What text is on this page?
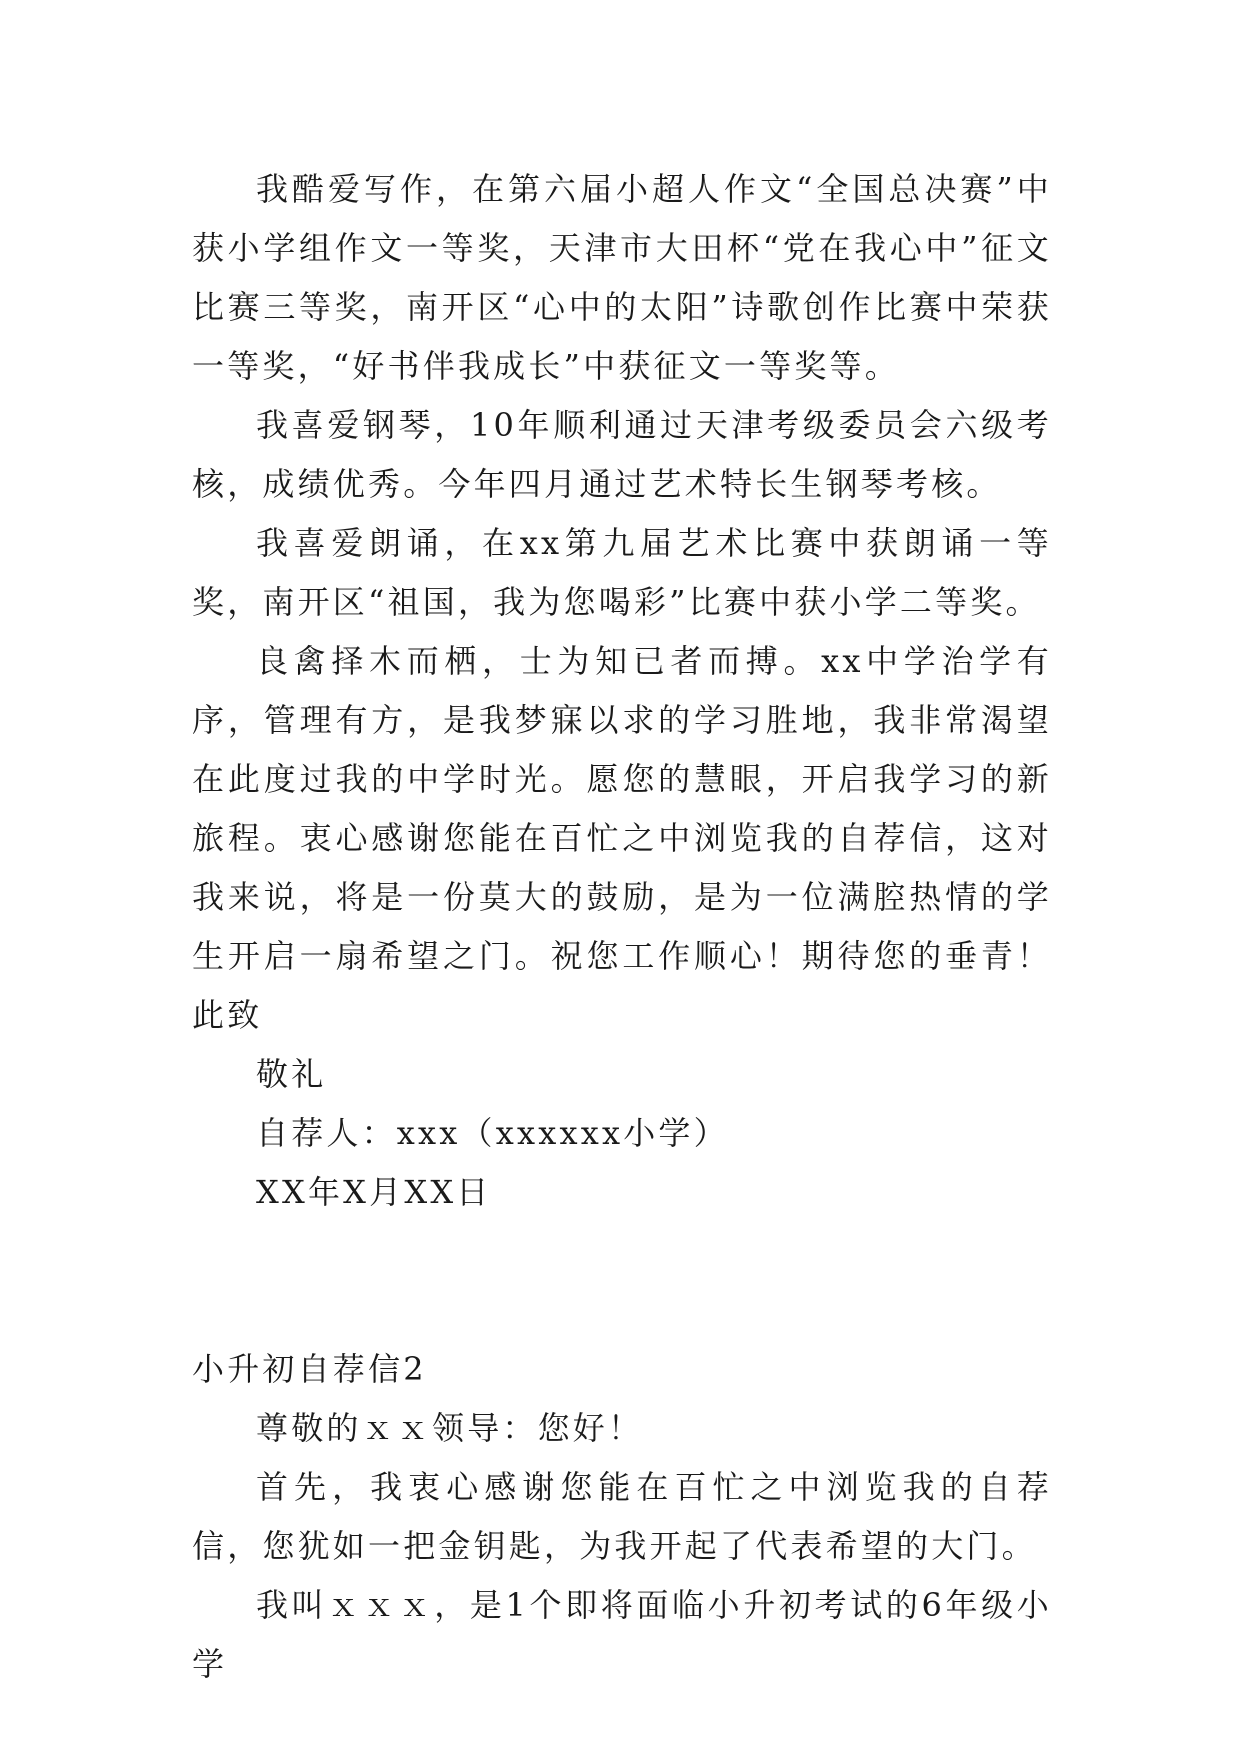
我酷爱写作，在第六届小超人作文“全国总决赛”中获小学组作文一等奖，天津市大田杯“党在我心中”征文比赛三等奖，南开区“心中的太阳”诗歌创作比赛中荣获一等奖，“好书伴我成长”中获征文一等奖等。

我喜爱钢琴，10年顺利通过天津考级委员会六级考核，成绩优秀。今年四月通过艺术特长生钢琴考核。

我喜爱朗诵，在xx第九届艺术比赛中获朗诵一等奖，南开区“祖国，我为您喝彩”比赛中获小学二等奖。

良禽择木而栖，士为知已者而搏。xx中学治学有序，管理有方，是我梦寐以求的学习胜地，我非常渴望在此度过我的中学时光。愿您的慧眼，开启我学习的新旅程。衷心感谢您能在百忙之中浏览我的自荐信，这对我来说，将是一份莫大的鼓励，是为一位满腔热情的学生开启一扇希望之门。祝您工作顺心！期待您的垂青！此致

敬礼

自荐人：xxx（xxxxxx小学）

XX年X月XX日

小升初自荐信2

尊敬的ｘｘ领导：您好！

首先，我衷心感谢您能在百忙之中浏览我的自荐信，您犹如一把金钥匙，为我开起了代表希望的大门。

我叫ｘｘｘ，是1个即将面临小升初考试的6年级小学
